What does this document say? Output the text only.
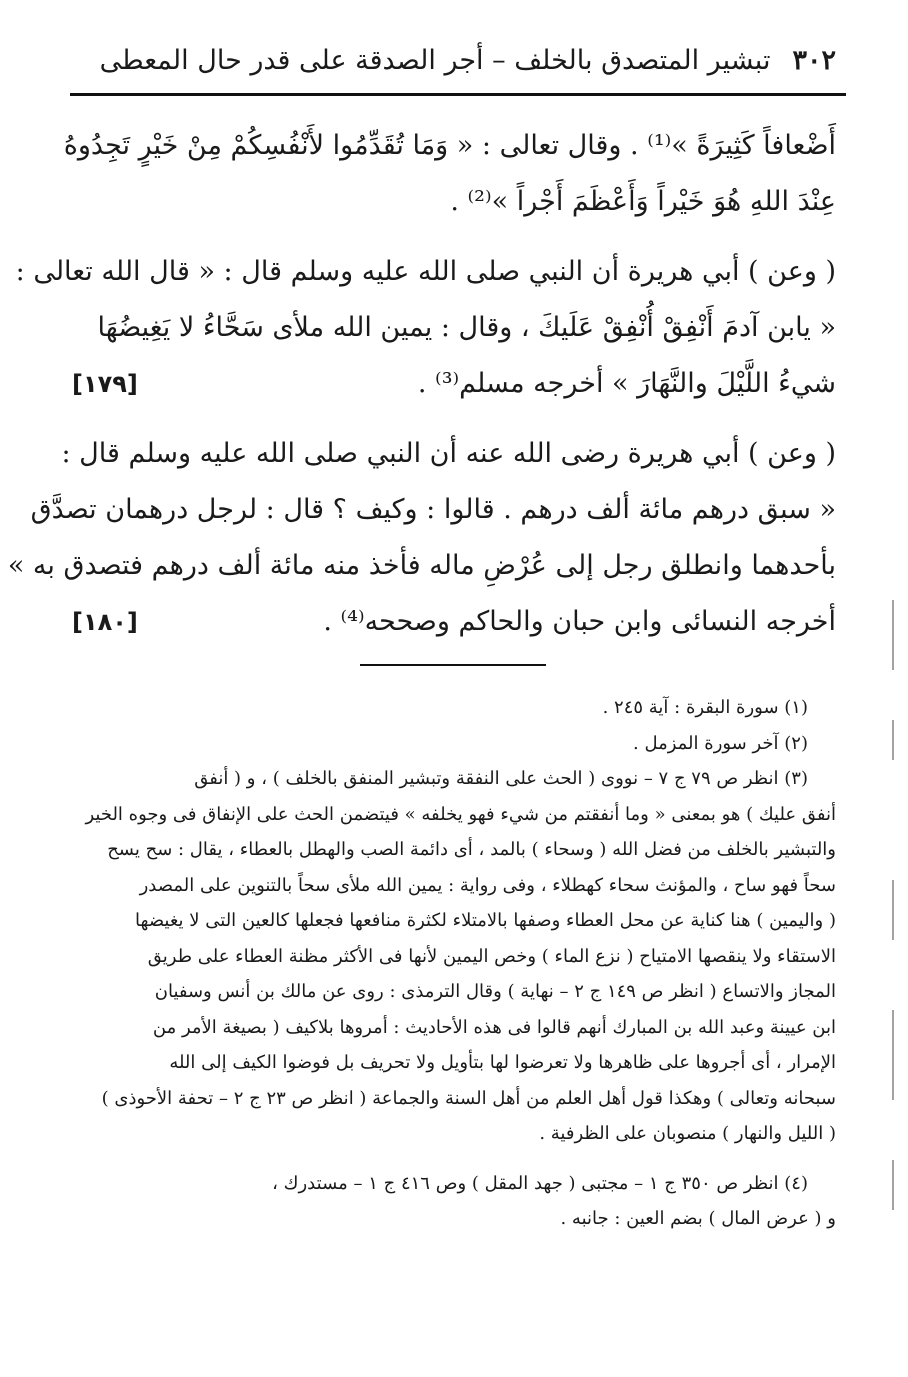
٣٠٢
تبشير المتصدق بالخلف – أجر الصدقة على قدر حال المعطى
أَضْعافاً كَثِيرَةً »⁽¹⁾ . وقال تعالى : « وَمَا تُقَدِّمُوا لأَنْفُسِكُمْ مِنْ خَيْرٍ تَجِدُوهُ
عِنْدَ اللهِ هُوَ خَيْراً وَأَعْظَمَ أَجْراً »⁽²⁾ .
( وعن ) أبي هريرة أن النبي صلى الله عليه وسلم قال : « قال الله تعالى :
« يابن آدمَ أَنْفِقْ أُنْفِقْ عَلَيكَ ، وقال : يمين الله ملأى سَحَّاءُ لا يَغِيضُهَا
شيءُ اللَّيْلَ والنَّهَارَ » أخرجه مسلم⁽³⁾ .
[١٧٩]
( وعن ) أبي هريرة رضى الله عنه أن النبي صلى الله عليه وسلم قال :
« سبق درهم مائة ألف درهم . قالوا : وكيف ؟ قال : لرجل درهمان تصدَّق
بأحدهما وانطلق رجل إلى عُرْضِ ماله فأخذ منه مائة ألف درهم فتصدق به »
أخرجه النسائى وابن حبان والحاكم وصححه⁽⁴⁾ .
[١٨٠]
(١) سورة البقرة : آية ٢٤٥ .
(٢) آخر سورة المزمل .
(٣) انظر ص ٧٩ ج ٧ – نووى ( الحث على النفقة وتبشير المنفق بالخلف ) ، و ( أنفق
أنفق عليك ) هو بمعنى « وما أنفقتم من شيء فهو يخلفه » فيتضمن الحث على الإنفاق فى وجوه الخير
والتبشير بالخلف من فضل الله ( وسحاء ) بالمد ، أى دائمة الصب والهطل بالعطاء ، يقال : سح يسح
سحاً فهو ساح ، والمؤنث سحاء كهطلاء ، وفى رواية : يمين الله ملأى سحاً بالتنوين على المصدر
( واليمين ) هنا كناية عن محل العطاء وصفها بالامتلاء لكثرة منافعها فجعلها كالعين التى لا يغيضها
الاستقاء ولا ينقصها الامتياح ( نزع الماء ) وخص اليمين لأنها فى الأكثر مظنة العطاء على طريق
المجاز والاتساع ( انظر ص ١٤٩ ج ٢ – نهاية ) وقال الترمذى : روى عن مالك بن أنس وسفيان
ابن عيينة وعبد الله بن المبارك أنهم قالوا فى هذه الأحاديث : أمروها بلاكيف ( بصيغة الأمر من
الإمرار ، أى أجروها على ظاهرها ولا تعرضوا لها بتأويل ولا تحريف بل فوضوا الكيف إلى الله
سبحانه وتعالى ) وهكذا قول أهل العلم من أهل السنة والجماعة ( انظر ص ٢٣ ج ٢ – تحفة الأحوذى )
( الليل والنهار ) منصوبان على الظرفية .
(٤) انظر ص ٣٥٠ ج ١ – مجتبى ( جهد المقل ) وص ٤١٦ ج ١ – مستدرك ،
و ( عرض المال ) بضم العين : جانبه .
